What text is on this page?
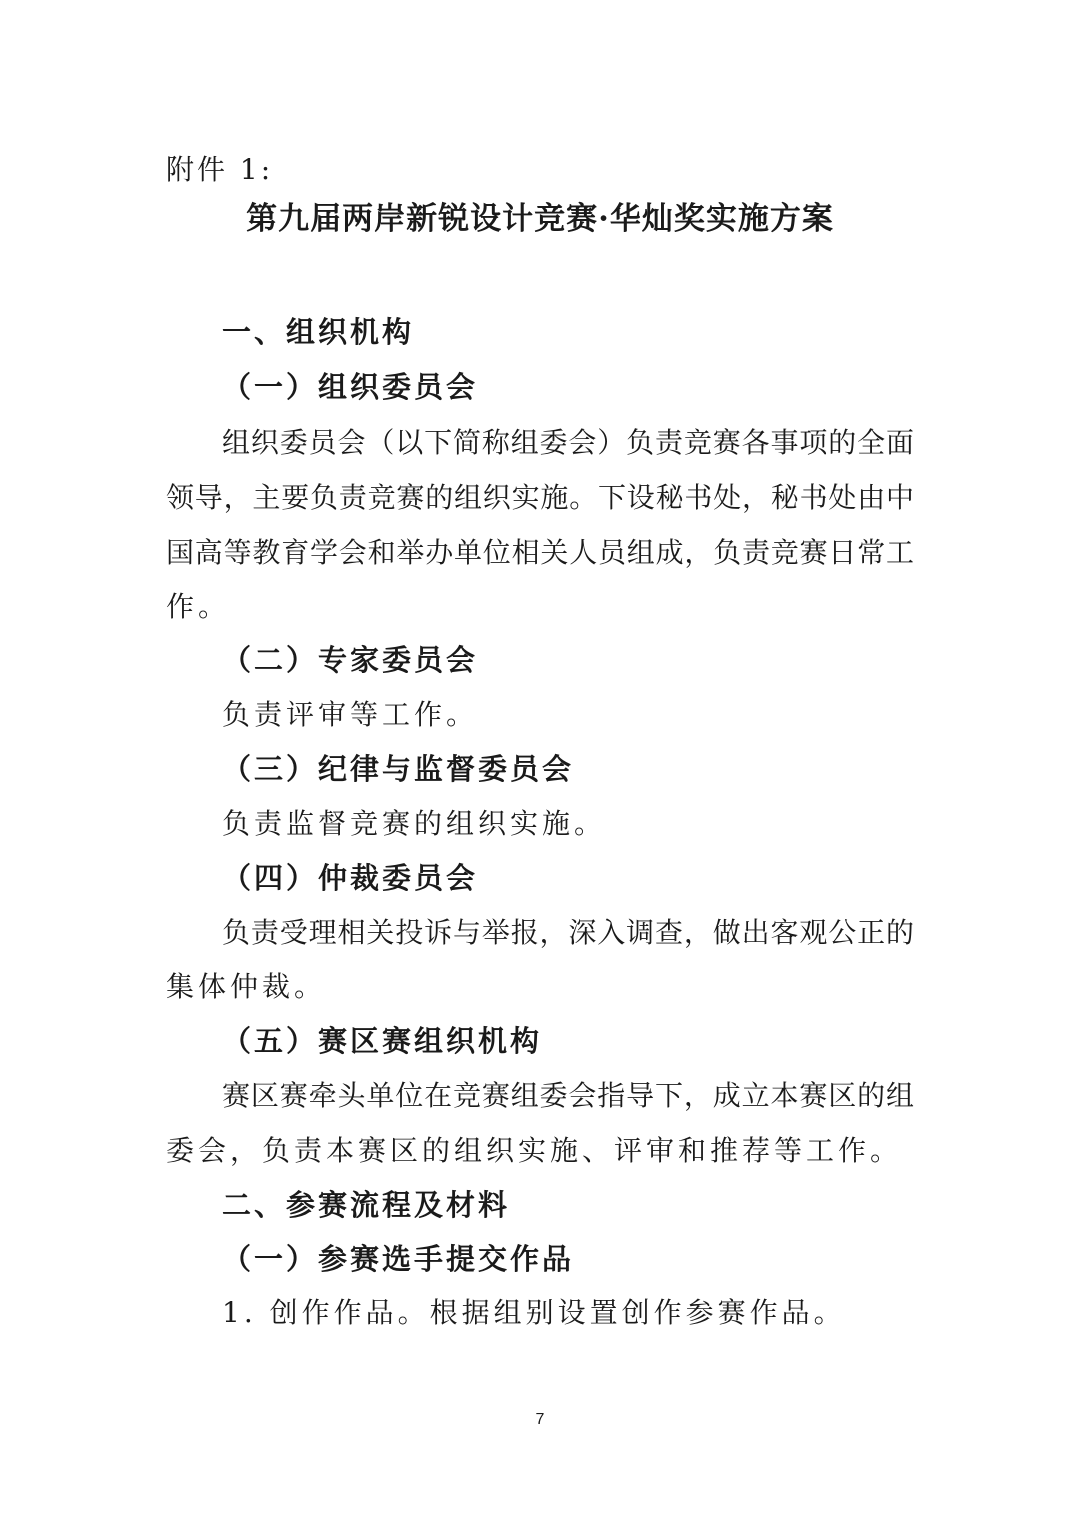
附件 1:
第九届两岸新锐设计竞赛·华灿奖实施方案
一、组织机构
（一）组织委员会
组织委员会（以下简称组委会）负责竞赛各事项的全面
领导，主要负责竞赛的组织实施。下设秘书处，秘书处由中
国高等教育学会和举办单位相关人员组成，负责竞赛日常工
作。
（二）专家委员会
负责评审等工作。
（三）纪律与监督委员会
负责监督竞赛的组织实施。
（四）仲裁委员会
负责受理相关投诉与举报，深入调查，做出客观公正的
集体仲裁。
（五）赛区赛组织机构
赛区赛牵头单位在竞赛组委会指导下，成立本赛区的组
委会，负责本赛区的组织实施、评审和推荐等工作。
二、参赛流程及材料
（一）参赛选手提交作品
1. 创作作品。根据组别设置创作参赛作品。
7
